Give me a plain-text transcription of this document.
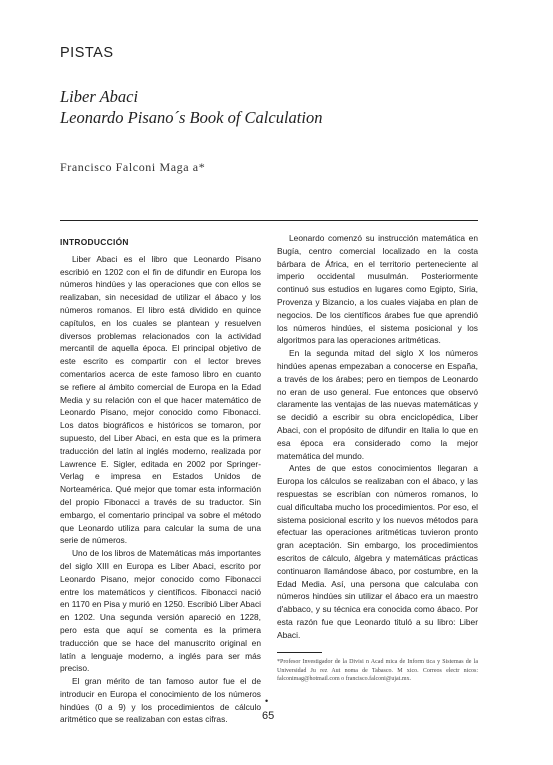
PISTAS
Liber Abaci
Leonardo Pisano´s Book of Calculation
Francisco Falconi Maga a*
INTRODUCCIÓN

Liber Abaci es el libro que Leonardo Pisano escribió en 1202 con el fin de difundir en Europa los números hindúes y las operaciones que con ellos se realizaban, sin necesidad de utilizar el ábaco y los números romanos. El libro está dividido en quince capítulos, en los cuales se plantean y resuelven diversos problemas relacionados con la actividad mercantil de aquella época. El principal objetivo de este escrito es compartir con el lector breves comentarios acerca de este famoso libro en cuanto se refiere al ámbito comercial de Europa en la Edad Media y su relación con el que hacer matemático de Leonardo Pisano, mejor conocido como Fibonacci. Los datos biográficos e históricos se tomaron, por supuesto, del Liber Abaci, en esta que es la primera traducción del latín al inglés moderno, realizada por Lawrence E. Sigler, editada en 2002 por Springer-Verlag e impresa en Estados Unidos de Norteamérica. Qué mejor que tomar esta información del propio Fibonacci a través de su traductor. Sin embargo, el comentario principal va sobre el método que Leonardo utiliza para calcular la suma de una serie de números.

Uno de los libros de Matemáticas más importantes del siglo XIII en Europa es Liber Abaci, escrito por Leonardo Pisano, mejor conocido como Fibonacci entre los matemáticos y científicos. Fibonacci nació en 1170 en Pisa y murió en 1250. Escribió Liber Abaci en 1202. Una segunda versión apareció en 1228, pero esta que aquí se comenta es la primera traducción que se hace del manuscrito original en latín a lenguaje moderno, a inglés para ser más preciso.

El gran mérito de tan famoso autor fue el de introducir en Europa el conocimiento de los números hindúes (0 a 9) y los procedimientos de cálculo aritmético que se realizaban con estas cifras.

Leonardo comenzó su instrucción matemática en Bugía, centro comercial localizado en la costa bárbara de África, en el territorio perteneciente al imperio occidental musulmán. Posteriormente continuó sus estudios en lugares como Egipto, Siria, Provenza y Bizancio, a los cuales viajaba en plan de negocios. De los científicos árabes fue que aprendió los números hindúes, el sistema posicional y los algoritmos para las operaciones aritméticas.

En la segunda mitad del siglo X los números hindúes apenas empezaban a conocerse en España, a través de los árabes; pero en tiempos de Leonardo no eran de uso general. Fue entonces que observó claramente las ventajas de las nuevas matemáticas y se decidió a escribir su obra enciclopédica, Liber Abaci, con el propósito de difundir en Italia lo que en esa época era considerado como la mejor matemática del mundo.

Antes de que estos conocimientos llegaran a Europa los cálculos se realizaban con el ábaco, y las respuestas se escribían con números romanos, lo cual dificultaba mucho los procedimientos. Por eso, el sistema posicional escrito y los nuevos métodos para efectuar las operaciones aritméticas tuvieron pronto gran aceptación. Sin embargo, los procedimientos escritos de cálculo, álgebra y matemáticas prácticas continuaron llamándose ábaco, por costumbre, en la Edad Media. Así, una persona que calculaba con números hindúes sin utilizar el ábaco era un maestro d'abbaco, y su técnica era conocida como ábaco. Por esta razón fue que Leonardo tituló a su libro: Liber Abaci.

*Profesor Investigador de la Divisi n Acad mica de Inform tica y Sistemas de la Universidad Ju rez Aut noma de Tabasco. M xico. Correos electr nicos: falconimag@hotmail.com o francisco.falconi@ujat.mx.
•
65
